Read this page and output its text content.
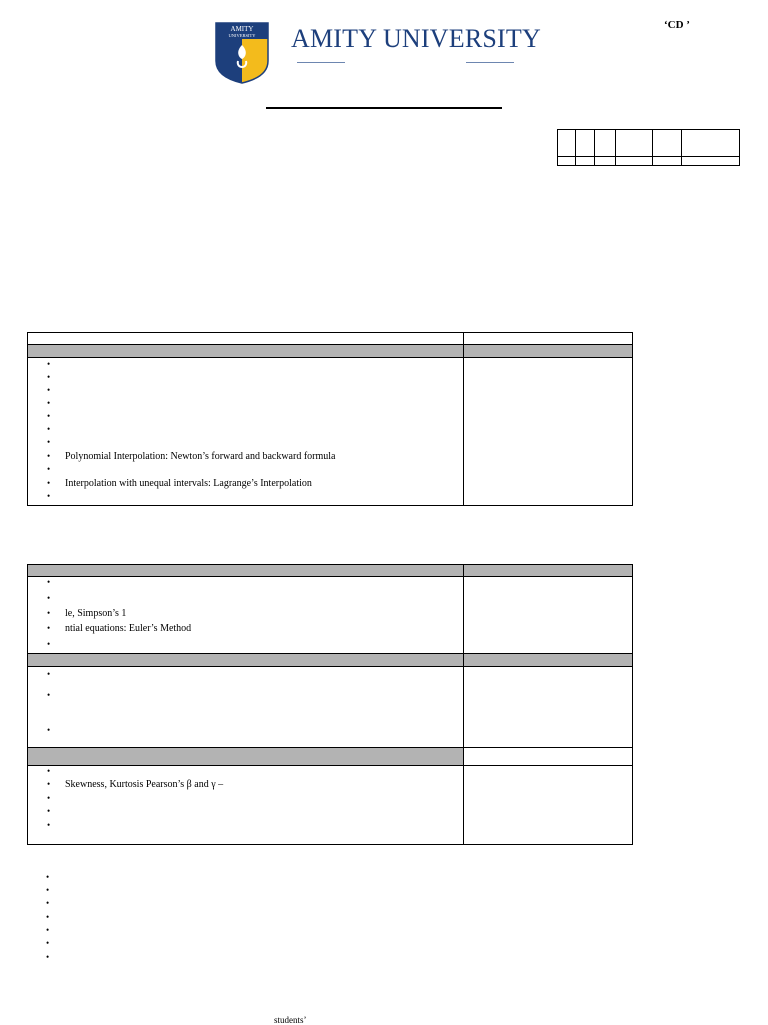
AMITY
UNIVERSITY AMITY UNIVERSITY	‘CD ’
•
•
•
•
•
•
•
• Polynomial Interpolation: Newton’s forward and backward formula
•
• Interpolation with unequal intervals: Lagrange’s Interpolation
•
•
•
• le, Simpson’s 1
• ntial equations: Euler’s Method
•
•
•
•
•
• Skewness, Kurtosis Pearson’s β and γ –
•
•
•
•
•
•
•
•
•
•
students’
